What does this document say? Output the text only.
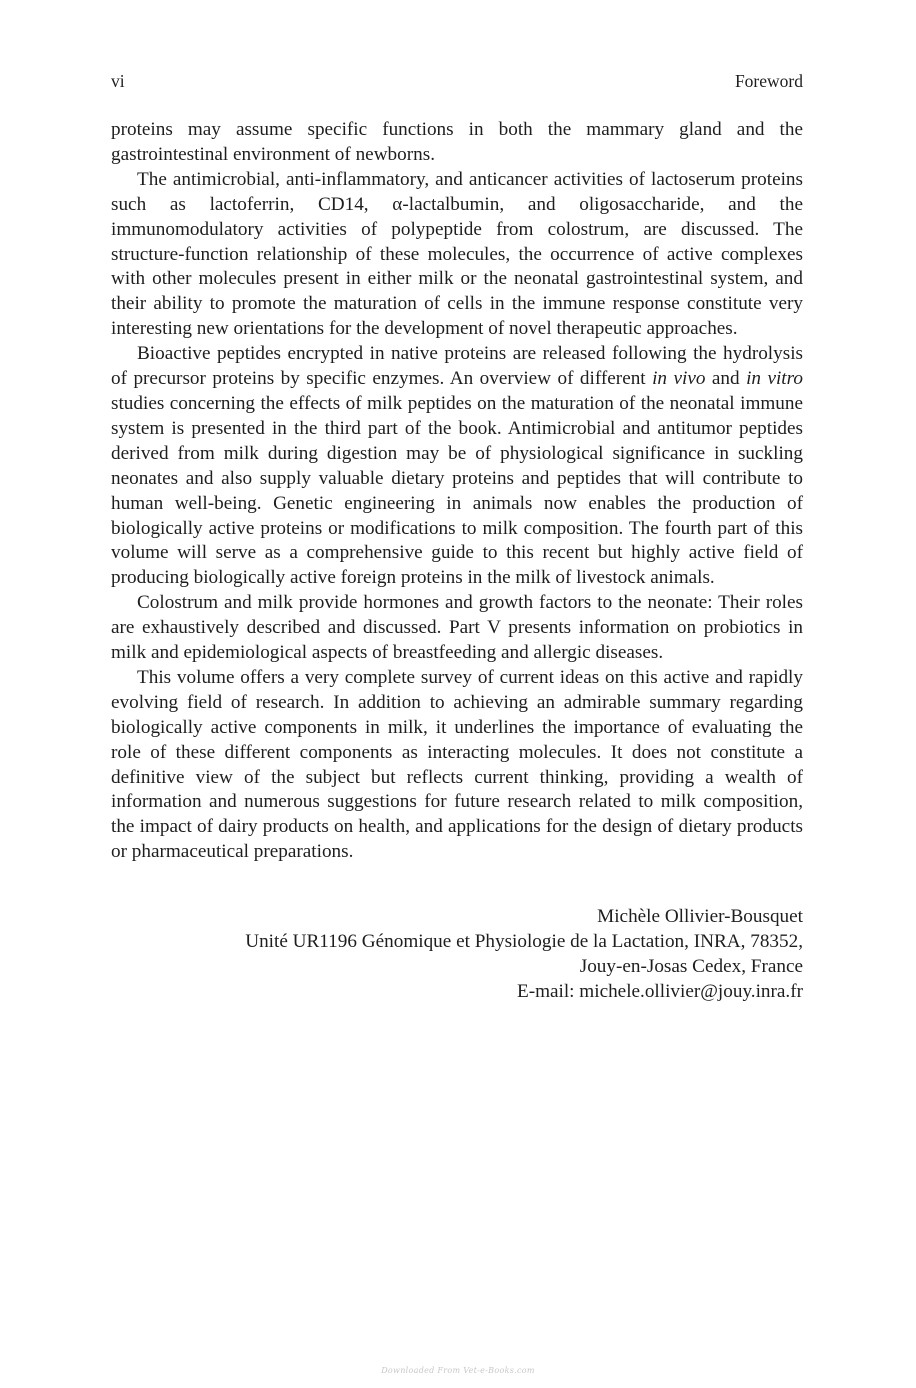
vi	Foreword

proteins may assume specific functions in both the mammary gland and the gastrointestinal environment of newborns.

The antimicrobial, anti-inflammatory, and anticancer activities of lactoserum proteins such as lactoferrin, CD14, α-lactalbumin, and oligosaccharide, and the immunomodulatory activities of polypeptide from colostrum, are discussed. The structure-function relationship of these molecules, the occurrence of active complexes with other molecules present in either milk or the neonatal gastrointestinal system, and their ability to promote the maturation of cells in the immune response constitute very interesting new orientations for the development of novel therapeutic approaches.

Bioactive peptides encrypted in native proteins are released following the hydrolysis of precursor proteins by specific enzymes. An overview of different in vivo and in vitro studies concerning the effects of milk peptides on the maturation of the neonatal immune system is presented in the third part of the book. Antimicrobial and antitumor peptides derived from milk during digestion may be of physiological significance in suckling neonates and also supply valuable dietary proteins and peptides that will contribute to human well-being. Genetic engineering in animals now enables the production of biologically active proteins or modifications to milk composition. The fourth part of this volume will serve as a comprehensive guide to this recent but highly active field of producing biologically active foreign proteins in the milk of livestock animals.

Colostrum and milk provide hormones and growth factors to the neonate: Their roles are exhaustively described and discussed. Part V presents information on probiotics in milk and epidemiological aspects of breastfeeding and allergic diseases.

This volume offers a very complete survey of current ideas on this active and rapidly evolving field of research. In addition to achieving an admirable summary regarding biologically active components in milk, it underlines the importance of evaluating the role of these different components as interacting molecules. It does not constitute a definitive view of the subject but reflects current thinking, providing a wealth of information and numerous suggestions for future research related to milk composition, the impact of dairy products on health, and applications for the design of dietary products or pharmaceutical preparations.

Michèle Ollivier-Bousquet
Unité UR1196 Génomique et Physiologie de la Lactation, INRA, 78352,
Jouy-en-Josas Cedex, France
E-mail: michele.ollivier@jouy.inra.fr
Downloaded From Vet-e-Books.com
